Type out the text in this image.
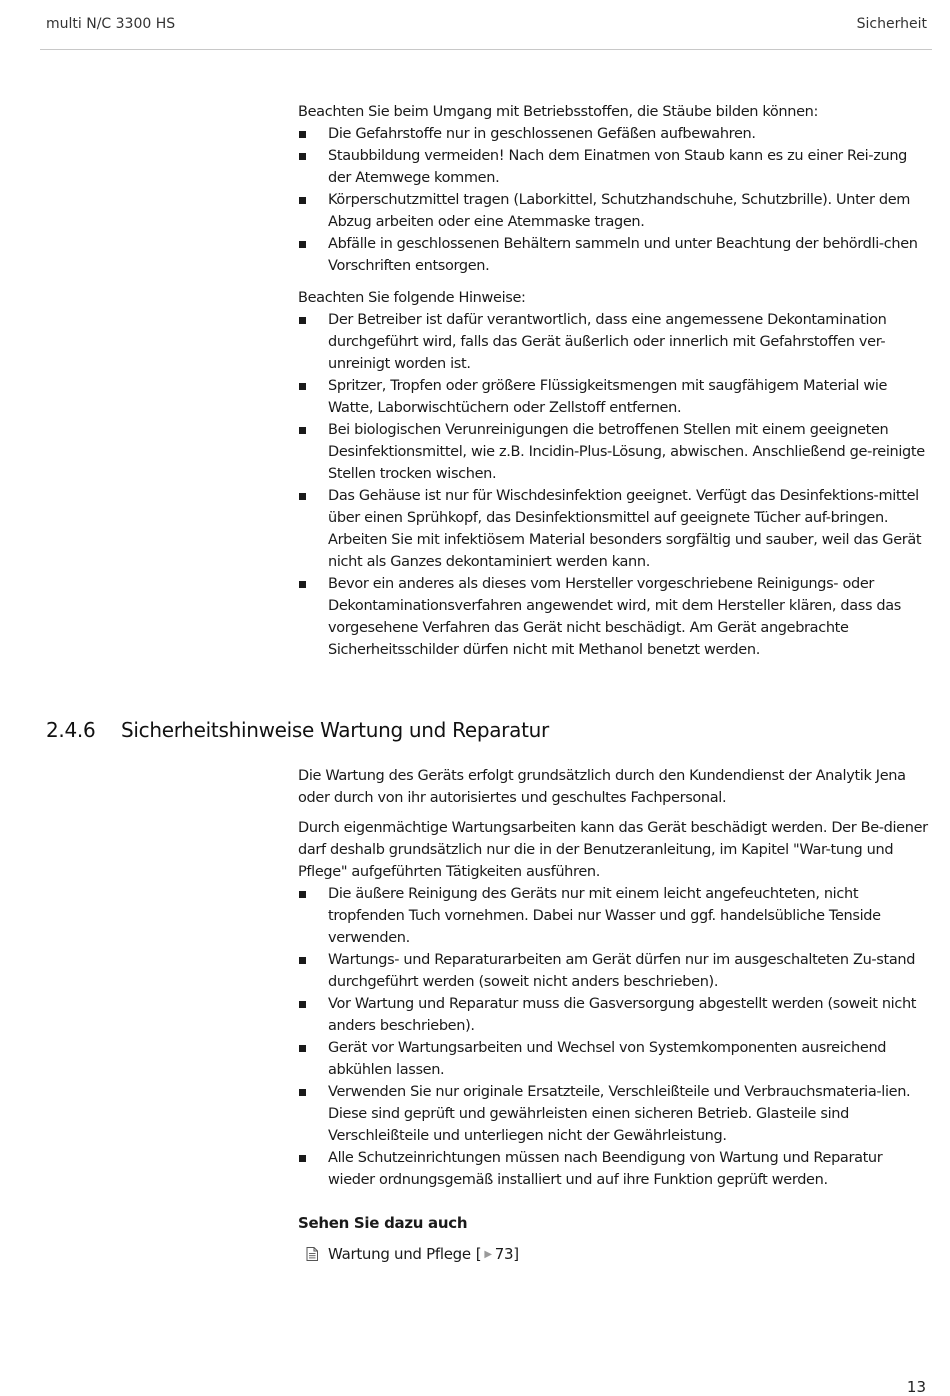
multi N/C 3300 HS	Sicherheit

Beachten Sie beim Umgang mit Betriebsstoffen, die Stäube bilden können:

Die Gefahrstoffe nur in geschlossenen Gefäßen aufbewahren.
Staubbildung vermeiden! Nach dem Einatmen von Staub kann es zu einer Rei-zung der Atemwege kommen.
Körperschutzmittel tragen (Laborkittel, Schutzhandschuhe, Schutzbrille). Unter dem Abzug arbeiten oder eine Atemmaske tragen.
Abfälle in geschlossenen Behältern sammeln und unter Beachtung der behördli-chen Vorschriften entsorgen.

Beachten Sie folgende Hinweise:

Der Betreiber ist dafür verantwortlich, dass eine angemessene Dekontamination durchgeführt wird, falls das Gerät äußerlich oder innerlich mit Gefahrstoffen ver-unreinigt worden ist.
Spritzer, Tropfen oder größere Flüssigkeitsmengen mit saugfähigem Material wie Watte, Laborwischtüchern oder Zellstoff entfernen.
Bei biologischen Verunreinigungen die betroffenen Stellen mit einem geeigneten Desinfektionsmittel, wie z.B. Incidin-Plus-Lösung, abwischen. Anschließend ge-reinigte Stellen trocken wischen.
Das Gehäuse ist nur für Wischdesinfektion geeignet. Verfügt das Desinfektions-mittel über einen Sprühkopf, das Desinfektionsmittel auf geeignete Tücher auf-bringen.
Arbeiten Sie mit infektiösem Material besonders sorgfältig und sauber, weil das Gerät nicht als Ganzes dekontaminiert werden kann.
Bevor ein anderes als dieses vom Hersteller vorgeschriebene Reinigungs- oder Dekontaminationsverfahren angewendet wird, mit dem Hersteller klären, dass das vorgesehene Verfahren das Gerät nicht beschädigt. Am Gerät angebrachte Sicherheitsschilder dürfen nicht mit Methanol benetzt werden.
2.4.6 Sicherheitshinweise Wartung und Reparatur

Die Wartung des Geräts erfolgt grundsätzlich durch den Kundendienst der Analytik Jena oder durch von ihr autorisiertes und geschultes Fachpersonal.

Durch eigenmächtige Wartungsarbeiten kann das Gerät beschädigt werden. Der Be-diener darf deshalb grundsätzlich nur die in der Benutzeranleitung, im Kapitel "War-tung und Pflege" aufgeführten Tätigkeiten ausführen.

Die äußere Reinigung des Geräts nur mit einem leicht angefeuchteten, nicht tropfenden Tuch vornehmen. Dabei nur Wasser und ggf. handelsübliche Tenside verwenden.
Wartungs- und Reparaturarbeiten am Gerät dürfen nur im ausgeschalteten Zu-stand durchgeführt werden (soweit nicht anders beschrieben).
Vor Wartung und Reparatur muss die Gasversorgung abgestellt werden (soweit nicht anders beschrieben).
Gerät vor Wartungsarbeiten und Wechsel von Systemkomponenten ausreichend abkühlen lassen.
Verwenden Sie nur originale Ersatzteile, Verschleißteile und Verbrauchsmateria-lien. Diese sind geprüft und gewährleisten einen sicheren Betrieb. Glasteile sind Verschleißteile und unterliegen nicht der Gewährleistung.
Alle Schutzeinrichtungen müssen nach Beendigung von Wartung und Reparatur wieder ordnungsgemäß installiert und auf ihre Funktion geprüft werden.
Sehen Sie dazu auch
Wartung und Pflege [ ▶ 73]
13
